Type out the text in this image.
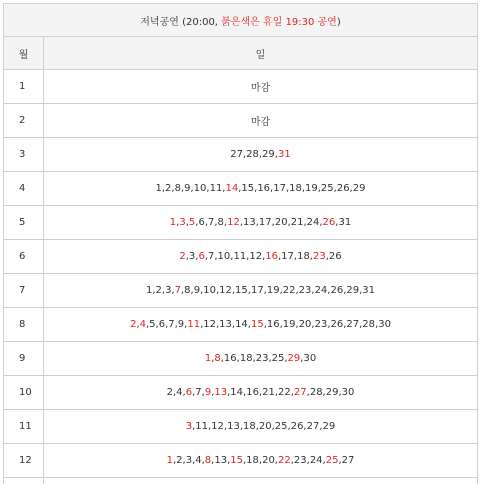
저녁공연 (20:00, 붉은색은 휴일 19:30 공연)	
월	일
1	마감
2	마감
3	27,28,29,31
4	1,2,8,9,10,11,14,15,16,17,18,19,25,26,29
5	1,3,5,6,7,8,12,13,17,20,21,24,26,31
6	2,3,6,7,10,11,12,16,17,18,23,26
7	1,2,3,7,8,9,10,12,15,17,19,22,23,24,26,29,31
8	2,4,5,6,7,9,11,12,13,14,15,16,19,20,23,26,27,28,30
9	1,8,16,18,23,25,29,30
10	2,4,6,7,9,13,14,16,21,22,27,28,29,30
11	3,11,12,13,18,20,25,26,27,29
12	1,2,3,4,8,13,15,18,20,22,23,24,25,27
